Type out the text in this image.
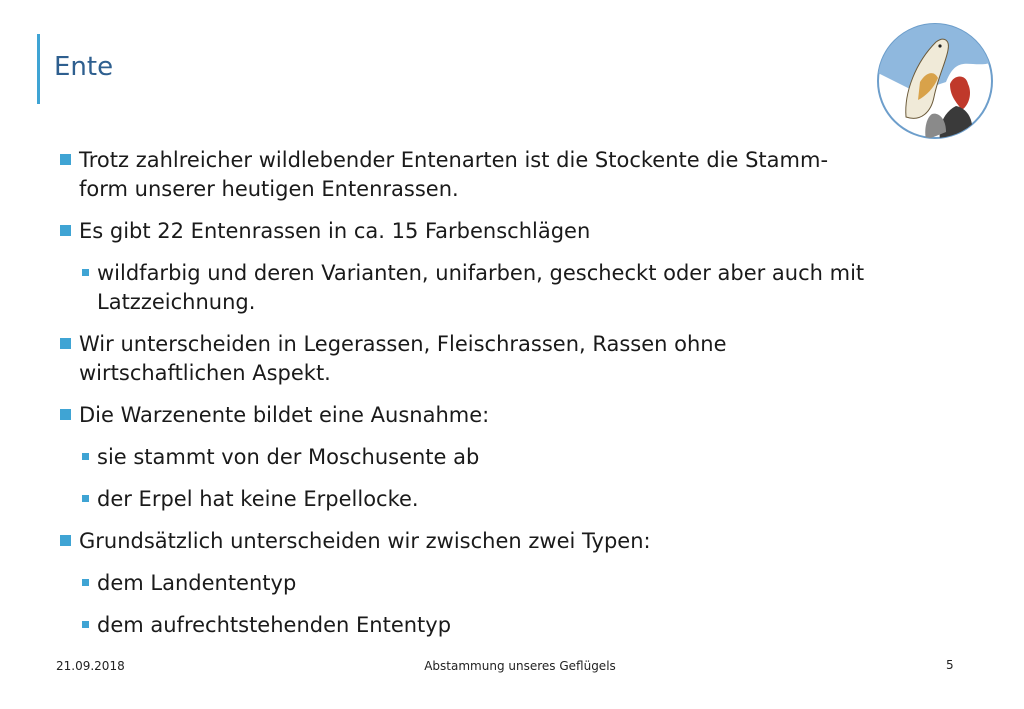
Ente
Trotz zahlreicher wildlebender Entenarten ist die Stockente die Stamm-
form unserer heutigen Entenrassen.
Es gibt 22 Entenrassen in ca. 15 Farbenschlägen
wildfarbig und deren Varianten, unifarben, gescheckt oder aber auch mit
Latzzeichnung.
Wir unterscheiden in Legerassen, Fleischrassen, Rassen ohne
wirtschaftlichen Aspekt.
Die Warzenente bildet eine Ausnahme:
sie stammt von der Moschusente ab
der Erpel hat keine Erpellocke.
Grundsätzlich unterscheiden wir zwischen zwei Typen:
dem Landententyp
dem aufrechtstehenden Ententyp
21.09.2018	Abstammung unseres Geflügels	5
